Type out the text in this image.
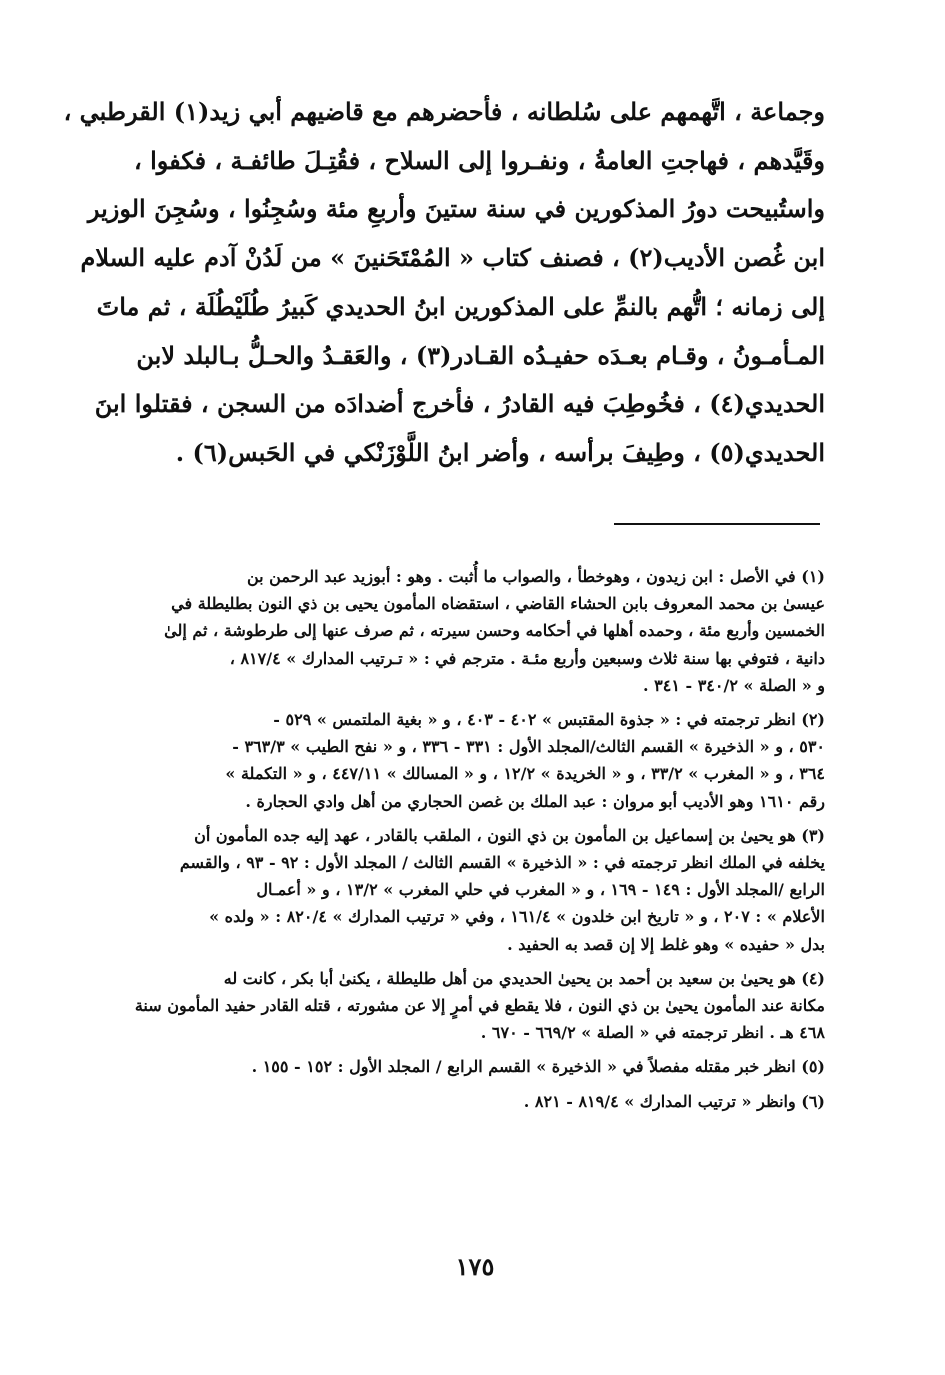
وجماعة ، اتَّهمهم على سُلطانه ، فأحضرهم مع قاضيهم أبي زيد(١) القرطبي ،
وقَيَّدهم ، فهاجتِ العامةُ ، ونفـروا إلى السلاح ، فقُتِـلَ طائفـة ، فكفوا ،
واستُبيحت دورُ المذكورين في سنة ستينَ وأربعِ مئة وسُجِنُوا ، وسُجِنَ الوزير
ابن غُصن الأديب(٢) ، فصنف كتاب « المُمْتَحَنينَ » من لَدُنْ آدم عليه السلام
إلى زمانه ؛ اتُّهم بالنمِّ على المذكورين ابنُ الحديدي كَبيرُ طُلَيْطُلَة ، ثم ماتَ
المـأمـونُ ، وقـام بعـدَه حفيـدُه القـادر(٣) ، والعَقـدُ والحـلُّ بـالبلد لابن
الحديدي(٤) ، فخُوطِبَ فيه القادرُ ، فأخرج أضدادَه من السجن ، فقتلوا ابنَ
الحديدي(٥) ، وطِيفَ برأسه ، وأضر ابنُ اللَّوْزَنْكي في الحَبس(٦) .
(١) في الأصل : ابن زيدون ، وهوخطأ ، والصواب ما أُثبت . وهو : أبوزيد عبد الرحمن بن
عيسىٰ بن محمد المعروف بابن الحشاء القاضي ، استقضاه المأمون يحيى بن ذي النون بطليطلة في
الخمسين وأربع مئة ، وحمده أهلها في أحكامه وحسن سيرته ، ثم صرف عنها إلى طرطوشة ، ثم إلىٰ
دانية ، فتوفي بها سنة ثلاث وسبعين وأربع مئـة . مترجم في : « تـرتيب المدارك » ٨١٧/٤ ،
و « الصلة » ٣٤٠/٢ - ٣٤١ .
(٢) انظر ترجمته في : « جذوة المقتبس » ٤٠٢ - ٤٠٣ ، و « بغية الملتمس » ٥٢٩ -
٥٣٠ ، و « الذخيرة » القسم الثالث/المجلد الأول : ٣٣١ - ٣٣٦ ، و « نفح الطيب » ٣٦٣/٣ -
٣٦٤ ، و « المغرب » ٣٣/٢ ، و « الخريدة » ١٢/٢ ، و « المسالك » ٤٤٧/١١ ، و « التكملة »
رقم ١٦١٠ وهو الأديب أبو مروان : عبد الملك بن غصن الحجاري من أهل وادي الحجارة .
(٣) هو يحيىٰ بن إسماعيل بن المأمون بن ذي النون ، الملقب بالقادر ، عهد إليه جده المأمون أن
يخلفه في الملك انظر ترجمته في : « الذخيرة » القسم الثالث / المجلد الأول : ٩٢ - ٩٣ ، والقسم
الرابع /المجلد الأول : ١٤٩ - ١٦٩ ، و « المغرب في حلي المغرب » ١٣/٢ ، و « أعمـال
الأعلام » : ٢٠٧ ، و « تاريخ ابن خلدون » ١٦١/٤ ، وفي « ترتيب المدارك » ٨٢٠/٤ : « ولده »
بدل « حفيده » وهو غلط إلا إن قصد به الحفيد .
(٤) هو يحيىٰ بن سعيد بن أحمد بن يحيىٰ الحديدي من أهل طليطلة ، يكنىٰ أبا بكر ، كانت له
مكانة عند المأمون يحيىٰ بن ذي النون ، فلا يقطع في أمرٍ إلا عن مشورته ، قتله القادر حفيد المأمون سنة
٤٦٨ هـ . انظر ترجمته في « الصلة » ٦٦٩/٢ - ٦٧٠ .
(٥) انظر خبر مقتله مفصلاً في « الذخيرة » القسم الرابع / المجلد الأول : ١٥٢ - ١٥٥ .
(٦) وانظر « ترتيب المدارك » ٨١٩/٤ - ٨٢١ .
١٧٥
